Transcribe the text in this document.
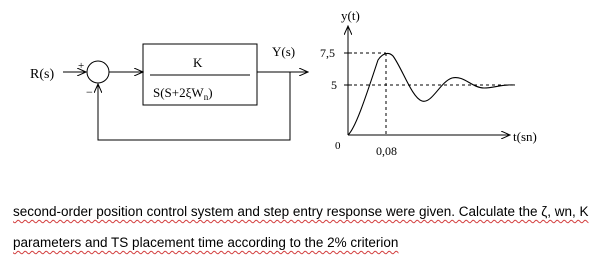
R(s)
+	K
$S(S+2\xi W_n)$
Y(s)
−
y(t)
t(sn)
7,5
5
0	0,08
second-order position control system and step entry response were given. Calculate the ζ, wn, K
parameters and TS placement time according to the 2% criterion
